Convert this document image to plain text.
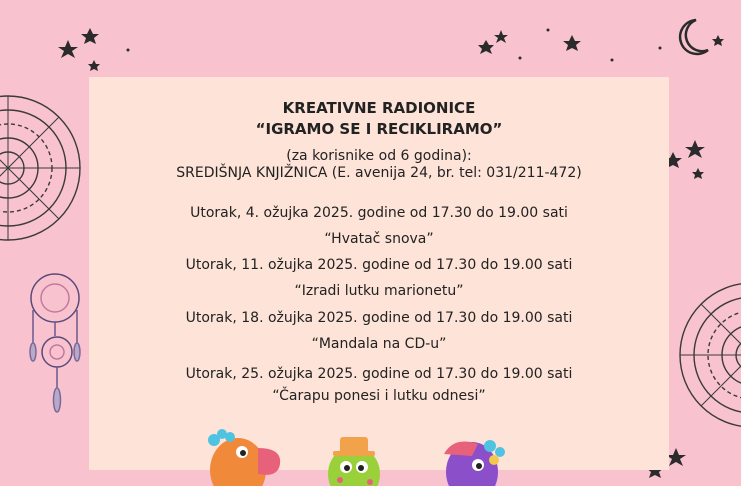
KREATIVNE RADIONICE
“IGRAMO SE I RECIKLIRAMO”
(za korisnike od 6 godina):
SREDIŠNJA KNJIŽNICA (E. avenija 24, br. tel: 031/211-472)
Utorak, 4. ožujka 2025. godine od 17.30 do 19.00 sati
“Hvatač snova”
Utorak, 11. ožujka 2025. godine od 17.30 do 19.00 sati
“Izradi lutku marionetu”
Utorak, 18. ožujka 2025. godine od 17.30 do 19.00 sati
“Mandala na CD-u”
Utorak, 25. ožujka 2025. godine od 17.30 do 19.00 sati
“Čarapu ponesi i lutku odnesi”
